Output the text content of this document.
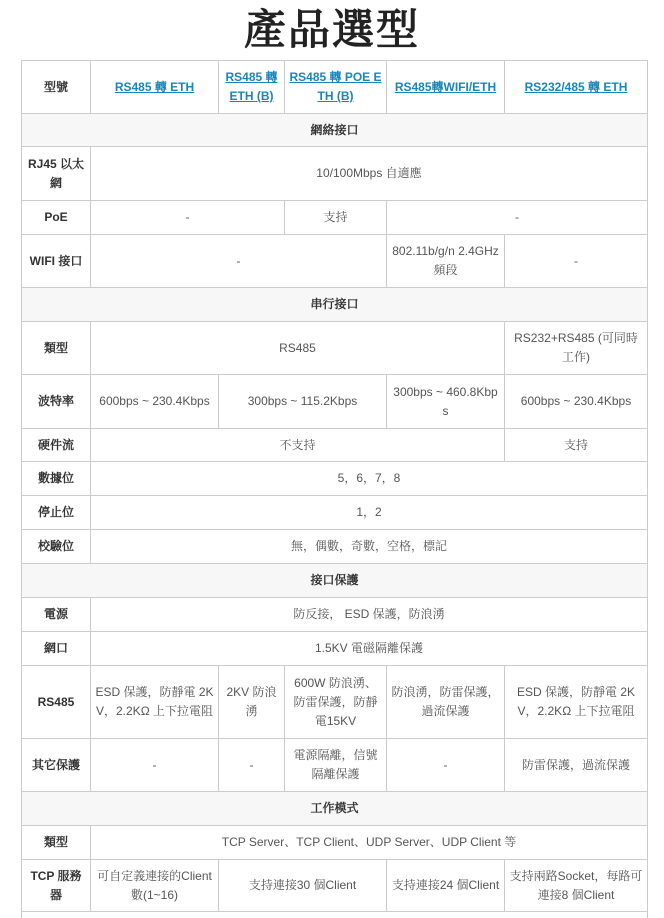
產品選型
型號	RS485 轉 ETH	RS485 轉 ETH (B)	RS485 轉 POE ETH (B)	RS485轉WIFI/ETH	RS232/485 轉 ETH
網絡接口					
RJ45 以太網	10/100Mbps 自適應				
PoE	-		支持	-	
WIFI 接口	-			802.11b/g/n 2.4GHz 頻段	-
串行接口					
類型	RS485				RS232+RS485 (可同時工作)
波特率	600bps ~ 230.4Kbps	300bps ~ 115.2Kbps		300bps ~ 460.8Kbps	600bps ~ 230.4Kbps
硬件流	不支持				支持
數據位	5，6，7，8				
停止位	1，2				
校驗位	無，偶數，奇數，空格，標記				
接口保護					
電源	防反接， ESD 保護，防浪湧				
網口	1.5KV 電磁隔離保護				
RS485	ESD 保護，防靜電 2KV，2.2KΩ 上下拉電阻	2KV 防浪湧	600W 防浪湧、防雷保護，防靜電15KV	防浪湧，防雷保護，過流保護	ESD 保護，防靜電 2KV，2.2KΩ 上下拉電阻
其它保護	-	-	電源隔離，信號隔離保護	-	防雷保護，過流保護
工作模式					
類型	TCP Server、TCP Client、UDP Server、UDP Client 等				
TCP 服務器	可自定義連接的Client數(1~16)	支持連接30 個Client		支持連接24 個Client	支持兩路Socket，每路可連接8 個Client
